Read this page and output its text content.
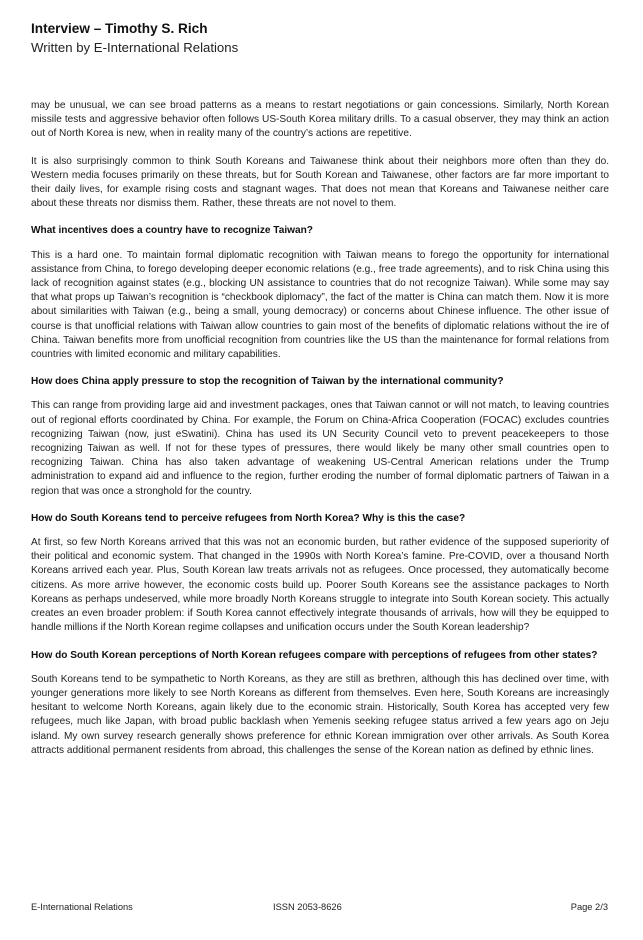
Interview – Timothy S. Rich

Written by E-International Relations

may be unusual, we can see broad patterns as a means to restart negotiations or gain concessions. Similarly, North Korean missile tests and aggressive behavior often follows US-South Korea military drills. To a casual observer, they may think an action out of North Korea is new, when in reality many of the country’s actions are repetitive.

It is also surprisingly common to think South Koreans and Taiwanese think about their neighbors more often than they do. Western media focuses primarily on these threats, but for South Korean and Taiwanese, other factors are far more important to their daily lives, for example rising costs and stagnant wages. That does not mean that Koreans and Taiwanese neither care about these threats nor dismiss them. Rather, these threats are not novel to them.

What incentives does a country have to recognize Taiwan?

This is a hard one. To maintain formal diplomatic recognition with Taiwan means to forego the opportunity for international assistance from China, to forego developing deeper economic relations (e.g., free trade agreements), and to risk China using this lack of recognition against states (e.g., blocking UN assistance to countries that do not recognize Taiwan). While some may say that what props up Taiwan’s recognition is “checkbook diplomacy”, the fact of the matter is China can match them. Now it is more about similarities with Taiwan (e.g., being a small, young democracy) or concerns about Chinese influence. The other issue of course is that unofficial relations with Taiwan allow countries to gain most of the benefits of diplomatic relations without the ire of China. Taiwan benefits more from unofficial recognition from countries like the US than the maintenance for formal relations from countries with limited economic and military capabilities.

How does China apply pressure to stop the recognition of Taiwan by the international community?

This can range from providing large aid and investment packages, ones that Taiwan cannot or will not match, to leaving countries out of regional efforts coordinated by China. For example, the Forum on China-Africa Cooperation (FOCAC) excludes countries recognizing Taiwan (now, just eSwatini). China has used its UN Security Council veto to prevent peacekeepers to those recognizing Taiwan as well. If not for these types of pressures, there would likely be many other small countries open to recognizing Taiwan. China has also taken advantage of weakening US-Central American relations under the Trump administration to expand aid and influence to the region, further eroding the number of formal diplomatic partners of Taiwan in a region that was once a stronghold for the country.

How do South Koreans tend to perceive refugees from North Korea? Why is this the case?

At first, so few North Koreans arrived that this was not an economic burden, but rather evidence of the supposed superiority of their political and economic system. That changed in the 1990s with North Korea’s famine. Pre-COVID, over a thousand North Koreans arrived each year. Plus, South Korean law treats arrivals not as refugees. Once processed, they automatically become citizens. As more arrive however, the economic costs build up. Poorer South Koreans see the assistance packages to North Koreans as perhaps undeserved, while more broadly North Koreans struggle to integrate into South Korean society. This actually creates an even broader problem: if South Korea cannot effectively integrate thousands of arrivals, how will they be equipped to handle millions if the North Korean regime collapses and unification occurs under the South Korean leadership?

How do South Korean perceptions of North Korean refugees compare with perceptions of refugees from other states?

South Koreans tend to be sympathetic to North Koreans, as they are still as brethren, although this has declined over time, with younger generations more likely to see North Koreans as different from themselves. Even here, South Koreans are increasingly hesitant to welcome North Koreans, again likely due to the economic strain. Historically, South Korea has accepted very few refugees, much like Japan, with broad public backlash when Yemenis seeking refugee status arrived a few years ago on Jeju island. My own survey research generally shows preference for ethnic Korean immigration over other arrivals. As South Korea attracts additional permanent residents from abroad, this challenges the sense of the Korean nation as defined by ethnic lines.

E-International Relations	ISSN 2053-8626	Page 2/3
